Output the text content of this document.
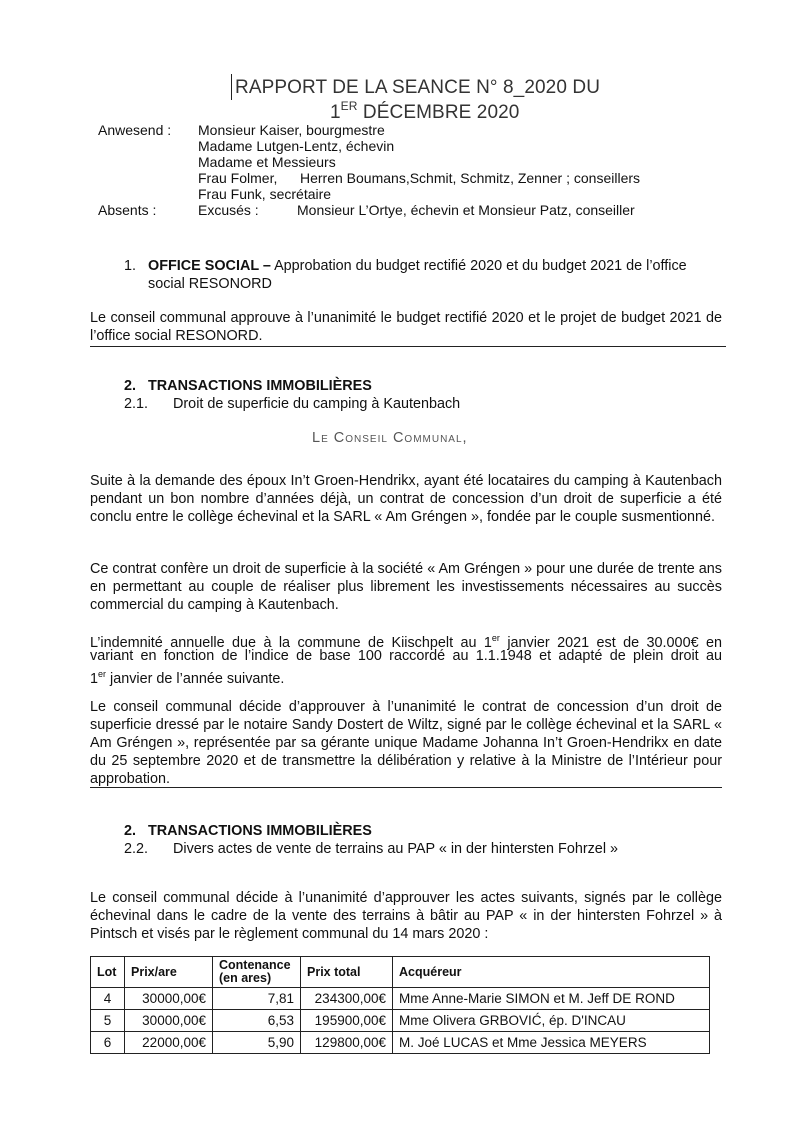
RAPPORT DE LA SEANCE N° 8_2020 DU
1ER DÉCEMBRE 2020
Anwesend : Monsieur Kaiser, bourgmestre
Madame Lutgen-Lentz, échevin
Madame et Messieurs
Frau Folmer, Herren Boumans,Schmit, Schmitz, Zenner ; conseillers
Frau Funk, secrétaire
Absents :	Excusés :	Monsieur L’Ortye, échevin et Monsieur Patz, conseiller
1. OFFICE SOCIAL – Approbation du budget rectifié 2020 et du budget 2021 de l’office
social RESONORD
Le conseil communal approuve à l’unanimité le budget rectifié 2020 et le projet de budget 2021 de l’office social RESONORD.
2. TRANSACTIONS IMMOBILIÈRES
2.1. Droit de superficie du camping à Kautenbach
Le Conseil Communal,
Suite à la demande des époux In’t Groen-Hendrikx, ayant été locataires du camping à Kautenbach pendant un bon nombre d’années déjà, un contrat de concession d’un droit de superficie a été conclu entre le collège échevinal et la SARL « Am Gréngen », fondée par le couple susmentionné.
Ce contrat confère un droit de superficie à la société « Am Gréngen » pour une durée de trente ans en permettant au couple de réaliser plus librement les investissements nécessaires au succès commercial du camping à Kautenbach.
L’indemnité annuelle due à la commune de Kiischpelt au 1er janvier 2021 est de 30.000€ en
variant en fonction de l’indice de base 100 raccordé au 1.1.1948 et adapté de plein droit au
1er janvier de l’année suivante.
Le conseil communal décide d’approuver à l’unanimité le contrat de concession d’un droit de superficie dressé par le notaire Sandy Dostert de Wiltz, signé par le collège échevinal et la SARL « Am Gréngen », représentée par sa gérante unique Madame Johanna In’t Groen-Hendrikx en date du 25 septembre 2020 et de transmettre la délibération y relative à la Ministre de l’Intérieur pour approbation.
2. TRANSACTIONS IMMOBILIÈRES
2.2. Divers actes de vente de terrains au PAP « in der hintersten Fohrzel »
Le conseil communal décide à l’unanimité d’approuver les actes suivants, signés par le collège échevinal dans le cadre de la vente des terrains à bâtir au PAP « in der hintersten Fohrzel » à Pintsch et visés par le règlement communal du 14 mars 2020 :
Lot	Prix/are	Contenance (en ares)	Prix total	Acquéreur
4	30000,00€	7,81	234300,00€	Mme Anne-Marie SIMON et M. Jeff DE ROND
5	30000,00€	6,53	195900,00€	Mme Olivera GRBOVIĆ, ép. D'INCAU
6	22000,00€	5,90	129800,00€	M. Joé LUCAS et Mme Jessica MEYERS
